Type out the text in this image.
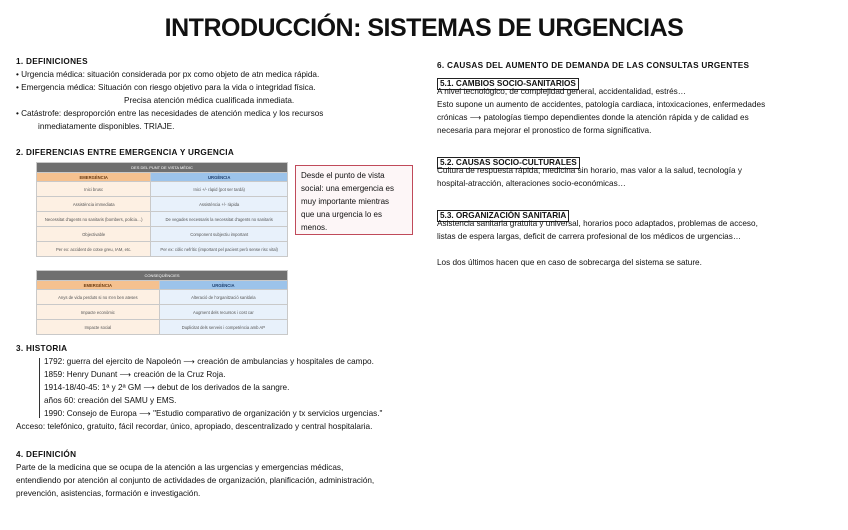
INTRODUCCIÓN: SISTEMAS DE URGENCIAS
1. DEFINICIONES
• Urgencia médica: situación considerada por px como objeto de atn medica rápida.
• Emergencia médica: Situación con riesgo objetivo para la vida o integridad física.
Precisa atención médica cualificada inmediata.
• Catástrofe: desproporción entre las necesidades de atención medica y los recursos
inmediatamente disponibles. TRIAJE.
2. DIFERENCIAS ENTRE EMERGENCIA Y URGENCIA
DES DEL PUNT DE VISTA MÈDIC	
EMERGÈNCIA	URGÈNCIA
Inici brusc	Inici +/- ràpid (pot ser tardà)
Assistència immediata	Assistència +/- ràpida
Necessitat d'agents no sanitaris (bombers, policia…)	De vegades necessaris la necessitat d'agents no sanitaris
Objectivable	Component subjectiu important
Per ex: accident de cotxe greu, IAM, etc.	Per ex: còlic nefrític (important pel pacient però sense risc vital)
CONSEQÜÈNCIES	
EMERGÈNCIA	URGÈNCIA
Anys de vida perduts si no s'en ben ateses	Alteració de l'organització sanitària
Impacte econòmic	Augment dels recursos i cost car
Impacte social	Duplicitat dels serveis i competència amb AP
Desde el punto de vista
social: una emergencia es
muy importante mientras
que una urgencia lo es
menos.
3. HISTORIA
1792: guerra del ejercito de Napoleón ⟶ creación de ambulancias y hospitales de campo.
1859: Henry Dunant ⟶ creación de la Cruz Roja.
1914-18/40-45: 1ª y 2ª GM ⟶ debut de los derivados de la sangre.
años 60: creación del SAMU y EMS.
1990: Consejo de Europa ⟶ "Estudio comparativo de organización y tx servicios urgencias."
Acceso: telefónico, gratuito, fácil recordar, único, apropiado, descentralizado y central hospitalaria.
4. DEFINICIÓN
Parte de la medicina que se ocupa de la atención a las urgencias y emergencias médicas,
entendiendo por atención al conjunto de actividades de organización, planificación, administración,
prevención, asistencias, formación e investigación.
6. CAUSAS DEL AUMENTO DE DEMANDA DE LAS CONSULTAS URGENTES
5.1. CAMBIOS SOCIO-SANITARIOS
A nivel tecnológico, de complejidad general, accidentalidad, estrés…
Esto supone un aumento de accidentes, patología cardiaca, intoxicaciones, enfermedades
crónicas ⟶ patologías tiempo dependientes donde la atención rápida y de calidad es
necesaria para mejorar el pronostico de forma significativa.
5.2. CAUSAS SOCIO-CULTURALES
Cultura de respuesta rápida, medicina sin horario, mas valor a la salud, tecnología y
hospital-atracción, alteraciones socio-económicas…
5.3. ORGANIZACIÓN SANITARIA
Asistencia sanitaria gratuita y universal, horarios poco adaptados, problemas de acceso,
listas de espera largas, deficit de carrera profesional de los médicos de urgencias…
Los dos últimos hacen que en caso de sobrecarga del sistema se sature.
